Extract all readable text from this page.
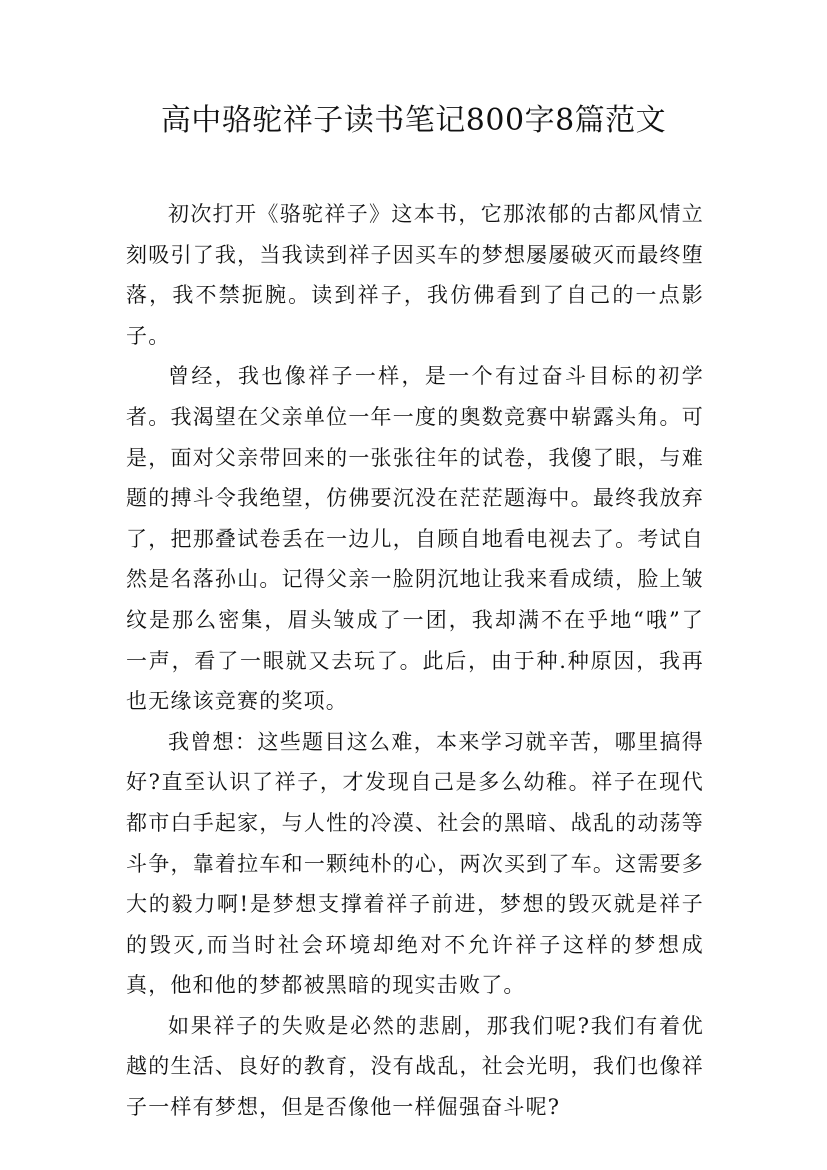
高中骆驼祥子读书笔记800字8篇范文

初次打开《骆驼祥子》这本书，它那浓郁的古都风情立刻吸引了我，当我读到祥子因买车的梦想屡屡破灭而最终堕落，我不禁扼腕。读到祥子，我仿佛看到了自己的一点影子。

曾经，我也像祥子一样，是一个有过奋斗目标的初学者。我渴望在父亲单位一年一度的奥数竞赛中崭露头角。可是，面对父亲带回来的一张张往年的试卷，我傻了眼，与难题的搏斗令我绝望，仿佛要沉没在茫茫题海中。最终我放弃了，把那叠试卷丢在一边儿，自顾自地看电视去了。考试自然是名落孙山。记得父亲一脸阴沉地让我来看成绩，脸上皱纹是那么密集，眉头皱成了一团，我却满不在乎地“哦”了一声，看了一眼就又去玩了。此后，由于种.种原因，我再也无缘该竞赛的奖项。

我曾想：这些题目这么难，本来学习就辛苦，哪里搞得好?直至认识了祥子，才发现自己是多么幼稚。祥子在现代都市白手起家，与人性的冷漠、社会的黑暗、战乱的动荡等斗争，靠着拉车和一颗纯朴的心，两次买到了车。这需要多大的毅力啊!是梦想支撑着祥子前进，梦想的毁灭就是祥子的毁灭,而当时社会环境却绝对不允许祥子这样的梦想成真，他和他的梦都被黑暗的现实击败了。

如果祥子的失败是必然的悲剧，那我们呢?我们有着优越的生活、良好的教育，没有战乱，社会光明，我们也像祥子一样有梦想，但是否像他一样倔强奋斗呢?
